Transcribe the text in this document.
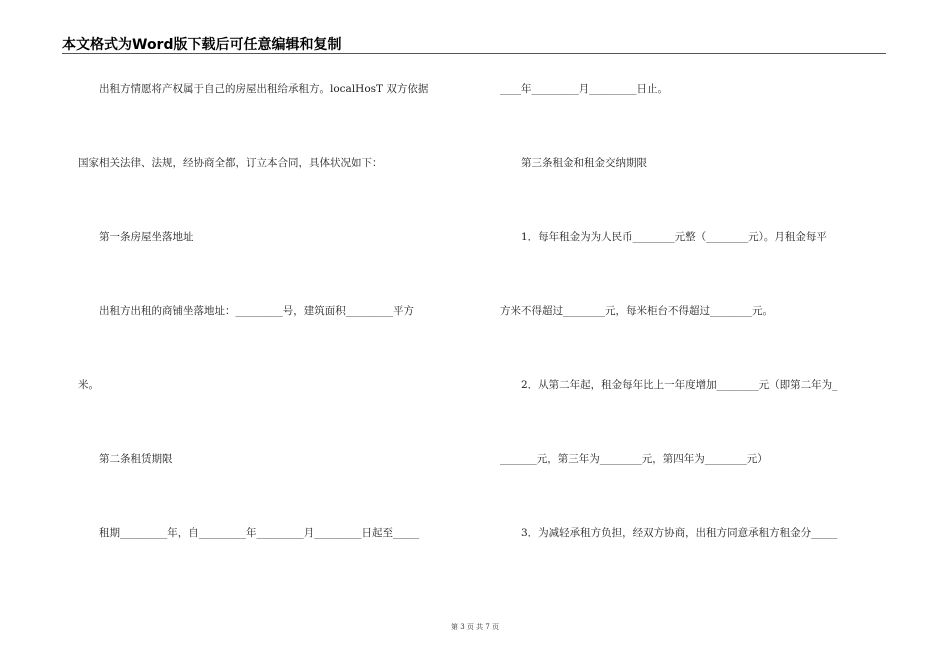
本文格式为Word版下载后可任意编辑和复制
　　出租方情愿将产权属于自己的房屋出租给承租方。localHosT 双方依据
国家相关法律、法规，经协商全都，订立本合同，具体状况如下：
　　第一条房屋坐落地址
　　出租方出租的商铺坐落地址：_________号，建筑面积_________平方
米。
　　第二条租赁期限
　　租期_________年，自_________年_________月_________日起至_____
____年_________月_________日止。
　　第三条租金和租金交纳期限
　　1．每年租金为为人民币________元整（________元）。月租金每平
方米不得超过________元，每米柜台不得超过________元。
　　2．从第二年起，租金每年比上一年度增加________元（即第二年为_
_______元，第三年为________元，第四年为________元）
　　3．为减轻承租方负担，经双方协商，出租方同意承租方租金分_____
第 3 页 共 7 页
